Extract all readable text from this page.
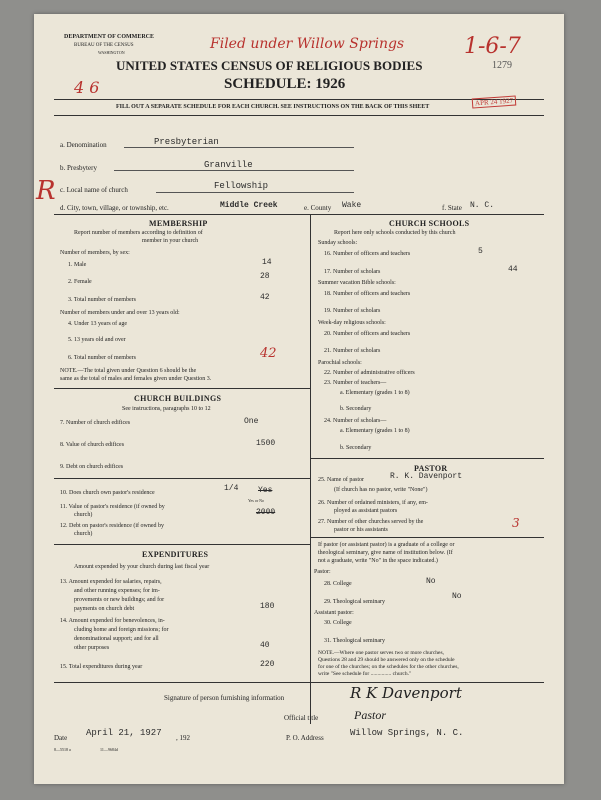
DEPARTMENT OF COMMERCE
BUREAU OF THE CENSUS
WASHINGTON
UNITED STATES CENSUS OF RELIGIOUS BODIES
SCHEDULE: 1926
FILL OUT A SEPARATE SCHEDULE FOR EACH CHURCH. SEE INSTRUCTIONS ON THE BACK OF THIS SHEET
Filed under Willow Springs
4 6
1-6-7
1279
APR 24 1927
R
a. Denomination	Presbyterian
b. Presbytery	Granville
c. Local name of church	Fellowship
d. City, town, village, or township, etc.	Middle Creek	e. County Wake	f. State N. C.
MEMBERSHIP
Report number of members according to definition of
member in your church
Number of members, by sex:
1. Male	14
2. Female
28
3. Total number of members	42
Number of members under and over 13 years old:
4. Under 13 years of age
5. 13 years old and over
6. Total number of members	42
NOTE.—The total given under Question 6 should be the
same as the total of males and females given under Question 3.
CHURCH BUILDINGS
See instructions, paragraphs 10 to 12
7. Number of church edifices	One
8. Value of church edifices	1500
9. Debt on church edifices
10. Does church own pastor's residence	1/4 Yes
Yes or No
11. Value of pastor's residence (if owned by
church)	2000
12. Debt on pastor's residence (if owned by
church)
EXPENDITURES
Amount expended by your church during last fiscal year
13. Amount expended for salaries, repairs,
and other running expenses; for im-
provements or new buildings; and for
payments on church debt	180
14. Amount expended for benevolences, in-
cluding home and foreign missions; for
denominational support; and for all
other purposes	40
15. Total expenditures during year	220
CHURCH SCHOOLS
Report here only schools conducted by this church
Sunday schools:
16. Number of officers and teachers	5
17. Number of scholars	44
Summer vacation Bible schools:
18. Number of officers and teachers
19. Number of scholars
Week-day religious schools:
20. Number of officers and teachers
21. Number of scholars
Parochial schools:
22. Number of administrative officers
23. Number of teachers—
a. Elementary (grades 1 to 8)
b. Secondary
24. Number of scholars—
a. Elementary (grades 1 to 8)
b. Secondary
PASTOR
25. Name of pastor	R. K. Davenport
(If church has no pastor, write "None")
26. Number of ordained ministers, if any, em-
ployed as assistant pastors
27. Number of other churches served by the
pastor or his assistants	3
If pastor (or assistant pastor) is a graduate of a college or
theological seminary, give name of institution below. (If
not a graduate, write "No" in the space indicated.)
Pastor:
28. College	No
29. Theological seminary
No
Assistant pastor:
30. College
31. Theological seminary
NOTE.—Where one pastor serves two or more churches,
Questions 28 and 29 should be answered only on the schedule
for one of the churches; on the schedules for the other churches,
write "See schedule for ............... church."
Signature of person furnishing information	R K Davenport
Official title	Pastor
Date April 21, 1927 , 192	P. O. Address	Willow Springs, N. C.
8—5518 a	11—9684d
